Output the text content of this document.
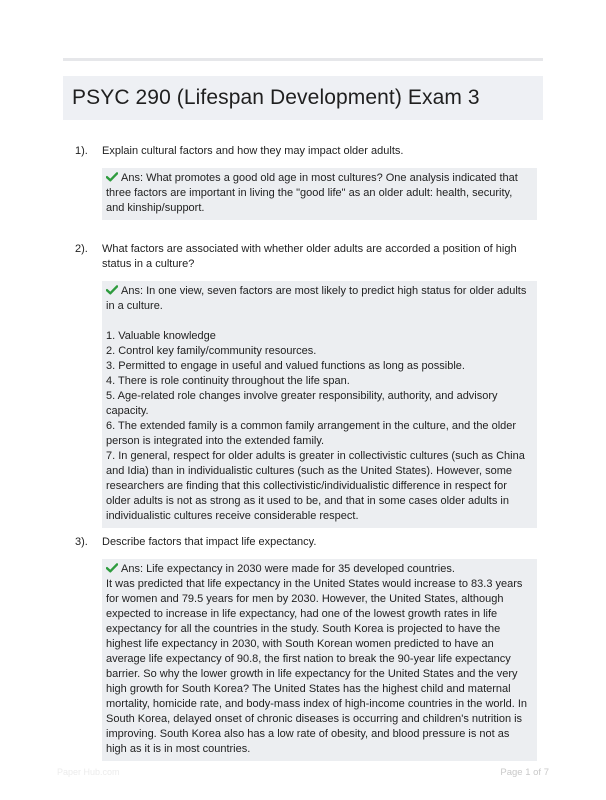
PSYC 290 (Lifespan Development) Exam 3
1).	Explain cultural factors and how they may impact older adults.

Ans: What promotes a good old age in most cultures? One analysis indicated that three factors are important in living the "good life" as an older adult: health, security, and kinship/support.

2).	What factors are associated with whether older adults are accorded a position of high status in a culture?

Ans: In one view, seven factors are most likely to predict high status for older adults in a culture.

1. Valuable knowledge

2. Control key family/community resources.

3. Permitted to engage in useful and valued functions as long as possible.

4. There is role continuity throughout the life span.

5. Age-related role changes involve greater responsibility, authority, and advisory capacity.

6. The extended family is a common family arrangement in the culture, and the older person is integrated into the extended family.

7. In general, respect for older adults is greater in collectivistic cultures (such as China and Idia) than in individualistic cultures (such as the United States). However, some researchers are finding that this collectivistic/individualistic difference in respect for older adults is not as strong as it used to be, and that in some cases older adults in individualistic cultures receive considerable respect.

3).	Describe factors that impact life expectancy.

Ans: Life expectancy in 2030 were made for 35 developed countries.

It was predicted that life expectancy in the United States would increase to 83.3 years for women and 79.5 years for men by 2030. However, the United States, although expected to increase in life expectancy, had one of the lowest growth rates in life expectancy for all the countries in the study. South Korea is projected to have the highest life expectancy in 2030, with South Korean women predicted to have an average life expectancy of 90.8, the first nation to break the 90-year life expectancy barrier. So why the lower growth in life expectancy for the United States and the very high growth for South Korea? The United States has the highest child and maternal mortality, homicide rate, and body-mass index of high-income countries in the world. In South Korea, delayed onset of chronic diseases is occurring and children's nutrition is improving. South Korea also has a low rate of obesity, and blood pressure is not as high as it is in most countries.

Paper Hub.com	Page 1 of 7
